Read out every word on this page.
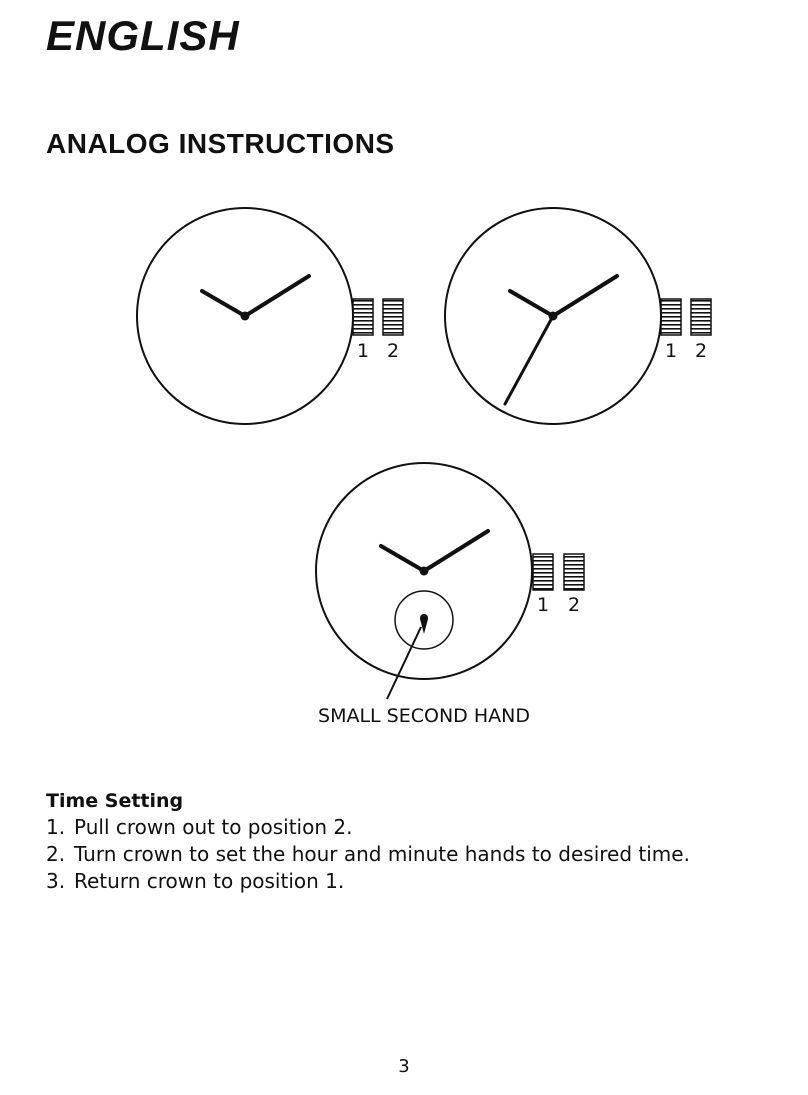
ENGLISH
ANALOG INSTRUCTIONS
1 2	1 2
1 2
SMALL SECOND HAND
Time Setting
1. Pull crown out to position 2.
2. Turn crown to set the hour and minute hands to desired time.
3. Return crown to position 1.
3
